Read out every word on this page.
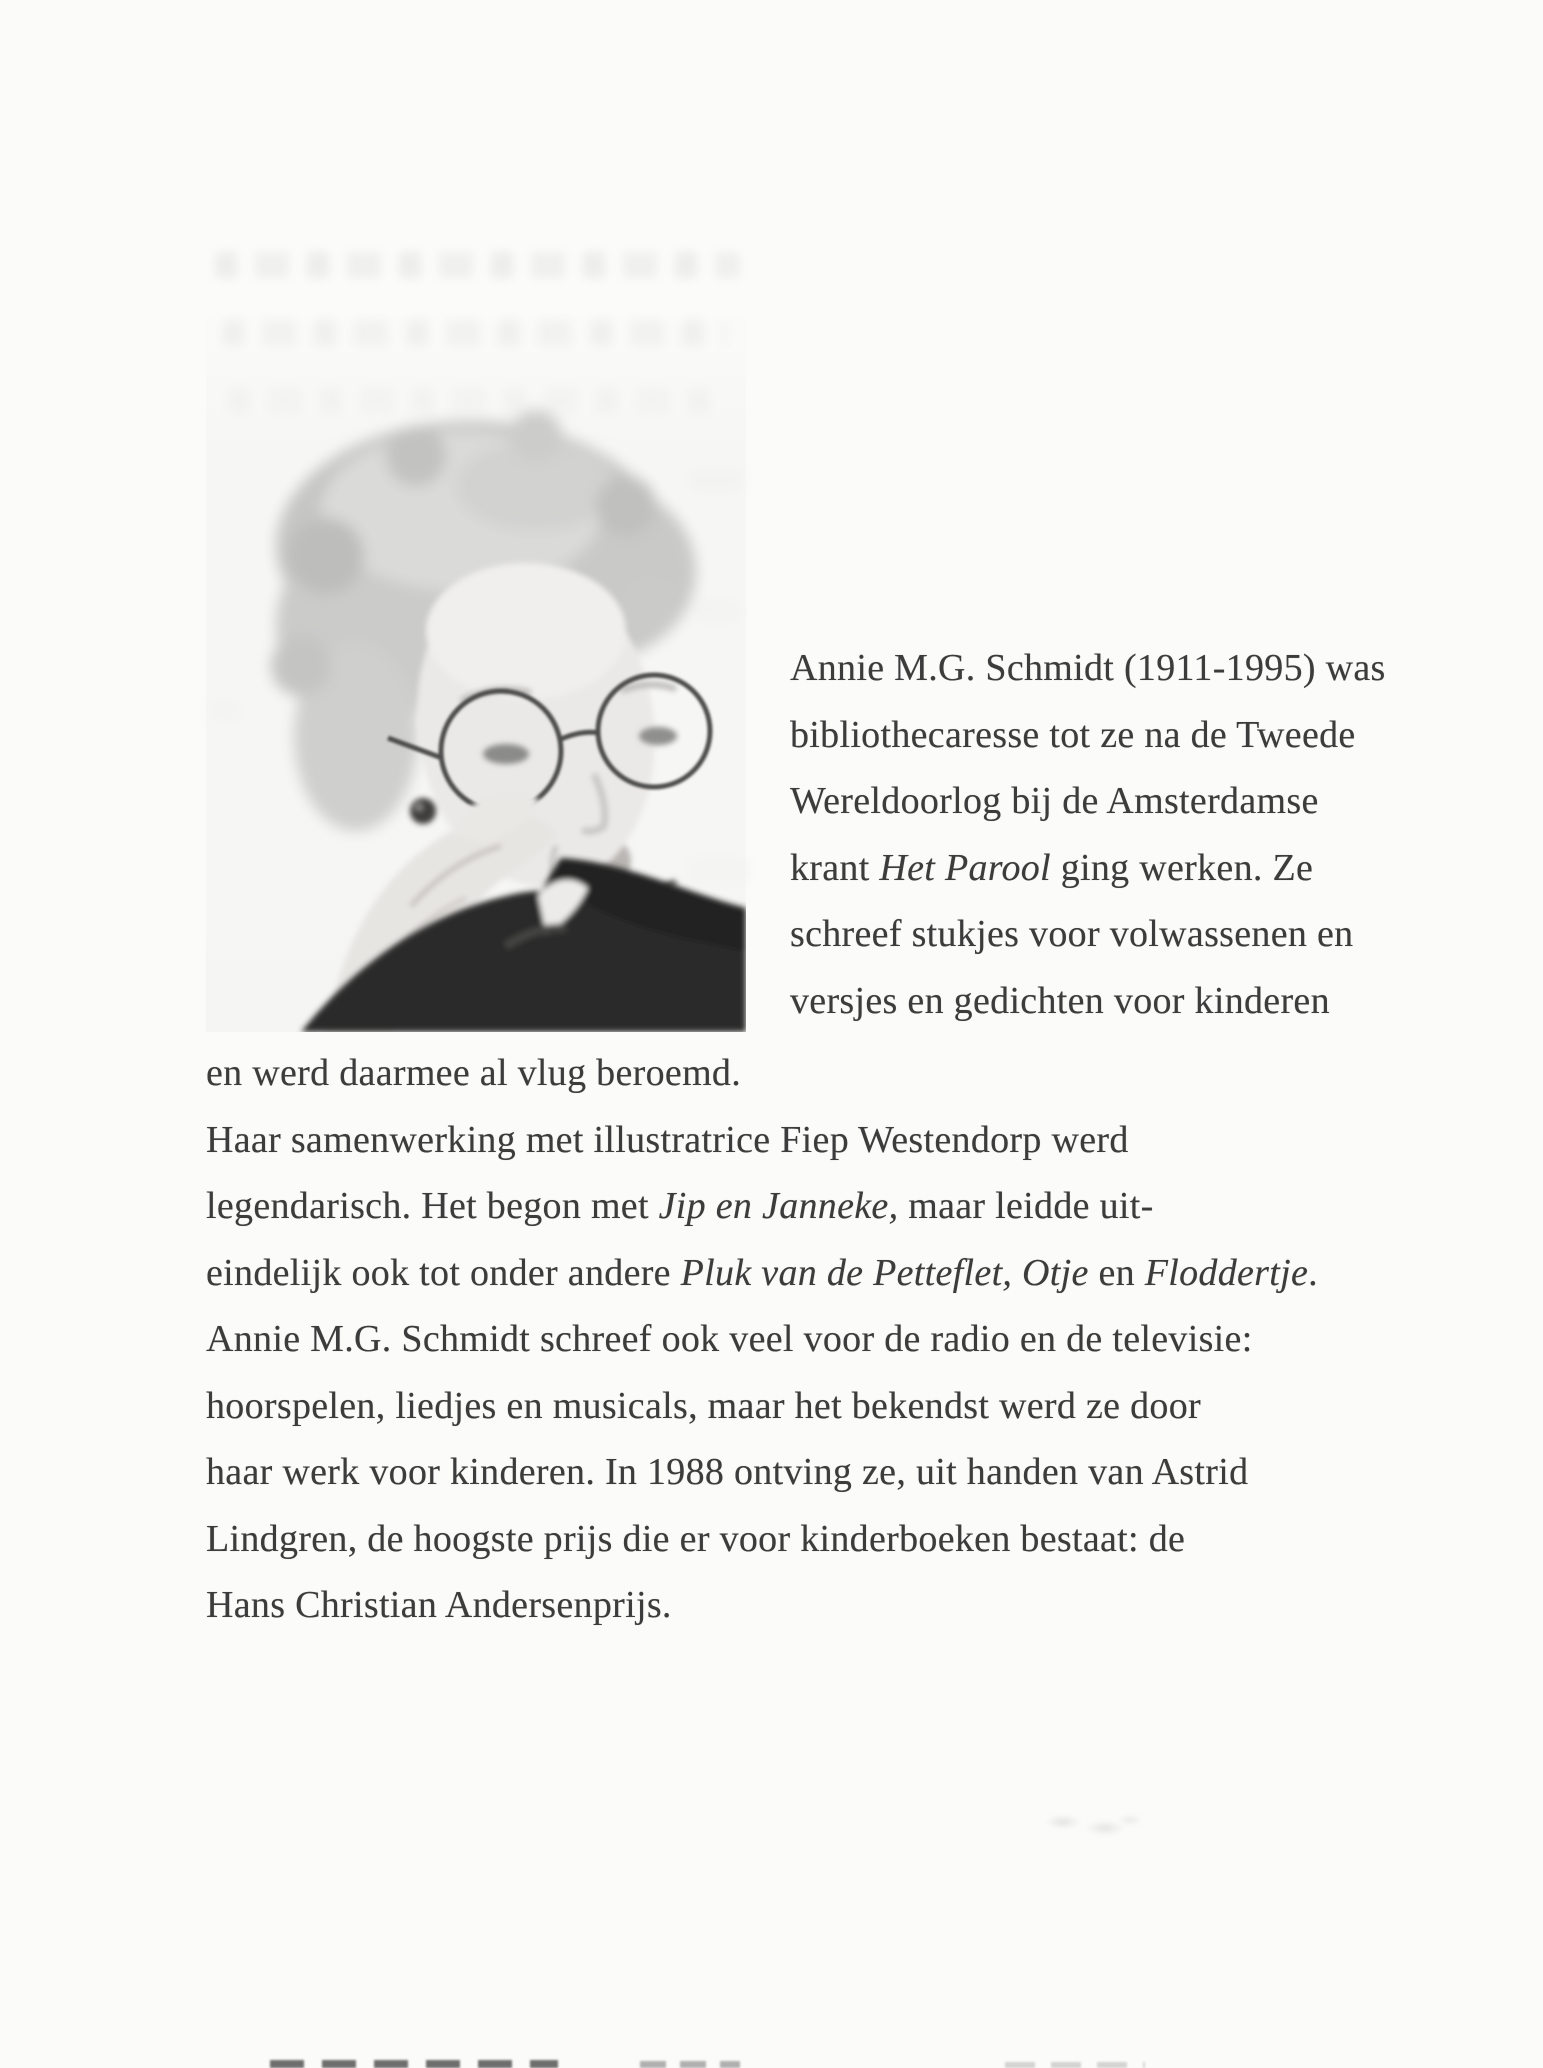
Annie M.G. Schmidt (1911-1995) was
bibliothecaresse tot ze na de Tweede
Wereldoorlog bij de Amsterdamse
krant Het Parool ging werken. Ze
schreef stukjes voor volwassenen en
versjes en gedichten voor kinderen
en werd daarmee al vlug beroemd.
Haar samenwerking met illustratrice Fiep Westendorp werd
legendarisch. Het begon met Jip en Janneke, maar leidde uit-
eindelijk ook tot onder andere Pluk van de Petteflet, Otje en Floddertje.
Annie M.G. Schmidt schreef ook veel voor de radio en de televisie:
hoorspelen, liedjes en musicals, maar het bekendst werd ze door
haar werk voor kinderen. In 1988 ontving ze, uit handen van Astrid
Lindgren, de hoogste prijs die er voor kinderboeken bestaat: de
Hans Christian Andersenprijs.
